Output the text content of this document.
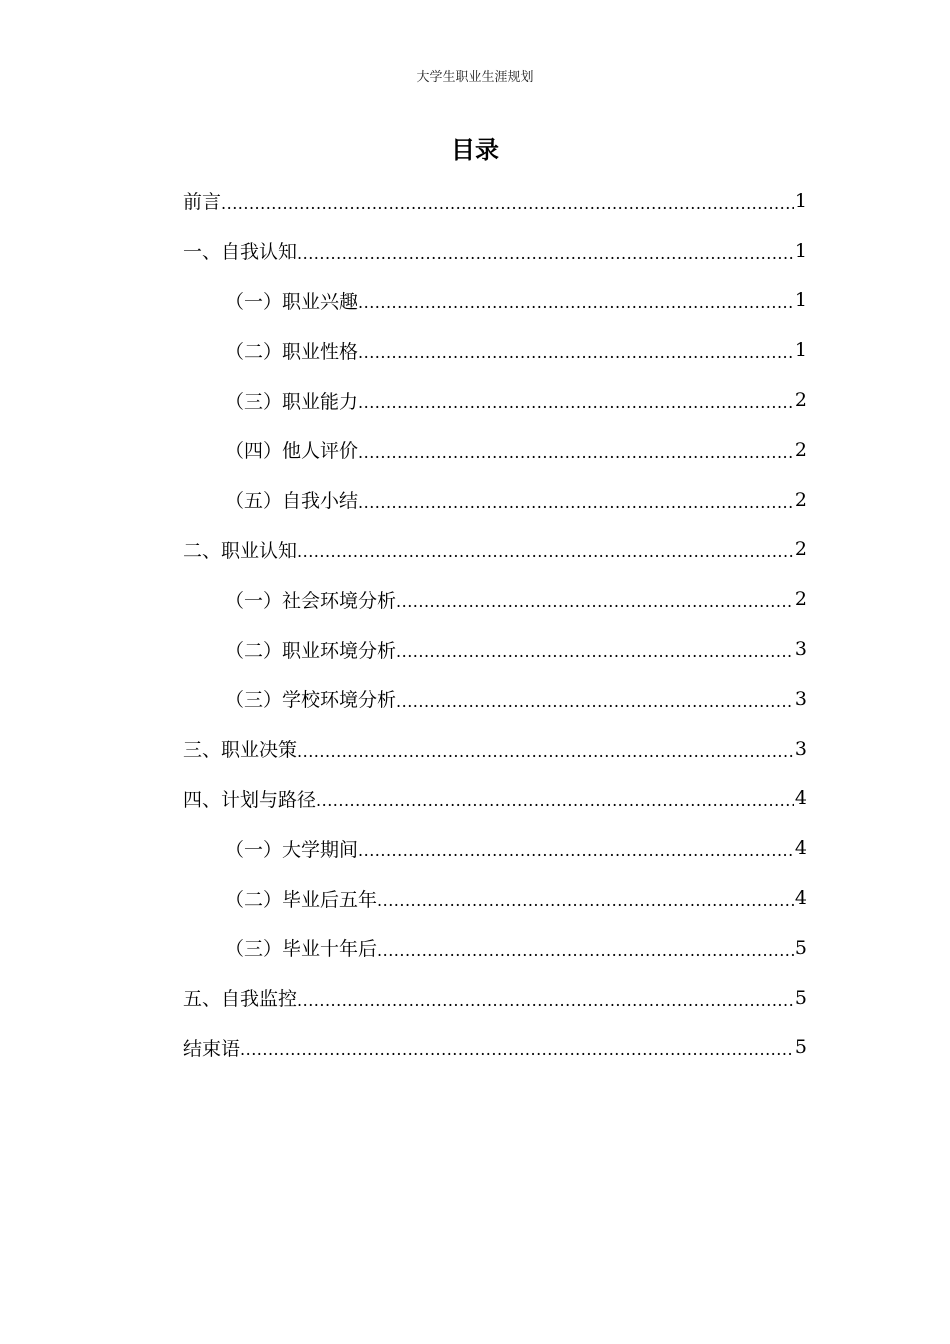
大学生职业生涯规划
目录
前言 .....	1
一、自我认知 .....	1
（一）职业兴趣 .....	1
（二）职业性格 .....	1
（三）职业能力 .....	2
（四）他人评价 .....	2
（五）自我小结 .....	2
二、职业认知 .....	2
（一）社会环境分析 .....	2
（二）职业环境分析 .....	3
（三）学校环境分析 .....	3
三、职业决策 .....	3
四、计划与路径 .....	4
（一）大学期间 .....	4
（二）毕业后五年 .....	4
（三）毕业十年后 .....	5
五、自我监控 .....	5
结束语 .....	5
